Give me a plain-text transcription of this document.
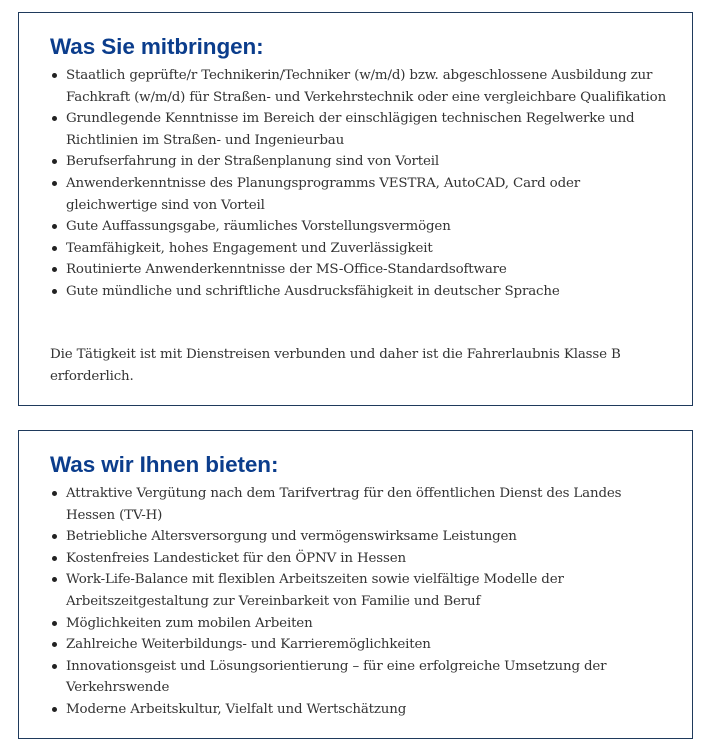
Was Sie mitbringen:
Staatlich geprüfte/r Technikerin/Techniker (w/m/d) bzw. abgeschlossene Ausbildung zur Fachkraft (w/m/d) für Straßen- und Verkehrstechnik oder eine vergleichbare Qualifikation
Grundlegende Kenntnisse im Bereich der einschlägigen technischen Regelwerke und Richtlinien im Straßen- und Ingenieurbau
Berufserfahrung in der Straßenplanung sind von Vorteil
Anwenderkenntnisse des Planungsprogramms VESTRA, AutoCAD, Card oder gleichwertige sind von Vorteil
Gute Auffassungsgabe, räumliches Vorstellungsvermögen
Teamfähigkeit, hohes Engagement und Zuverlässigkeit
Routinierte Anwenderkenntnisse der MS-Office-Standardsoftware
Gute mündliche und schriftliche Ausdrucksfähigkeit in deutscher Sprache

Die Tätigkeit ist mit Dienstreisen verbunden und daher ist die Fahrerlaubnis Klasse B erforderlich.

Was wir Ihnen bieten:
Attraktive Vergütung nach dem Tarifvertrag für den öffentlichen Dienst des Landes Hessen (TV-H)
Betriebliche Altersversorgung und vermögenswirksame Leistungen
Kostenfreies Landesticket für den ÖPNV in Hessen
Work-Life-Balance mit flexiblen Arbeitszeiten sowie vielfältige Modelle der Arbeitszeitgestaltung zur Vereinbarkeit von Familie und Beruf
Möglichkeiten zum mobilen Arbeiten
Zahlreiche Weiterbildungs- und Karrieremöglichkeiten
Innovationsgeist und Lösungsorientierung – für eine erfolgreiche Umsetzung der Verkehrswende
Moderne Arbeitskultur, Vielfalt und Wertschätzung
